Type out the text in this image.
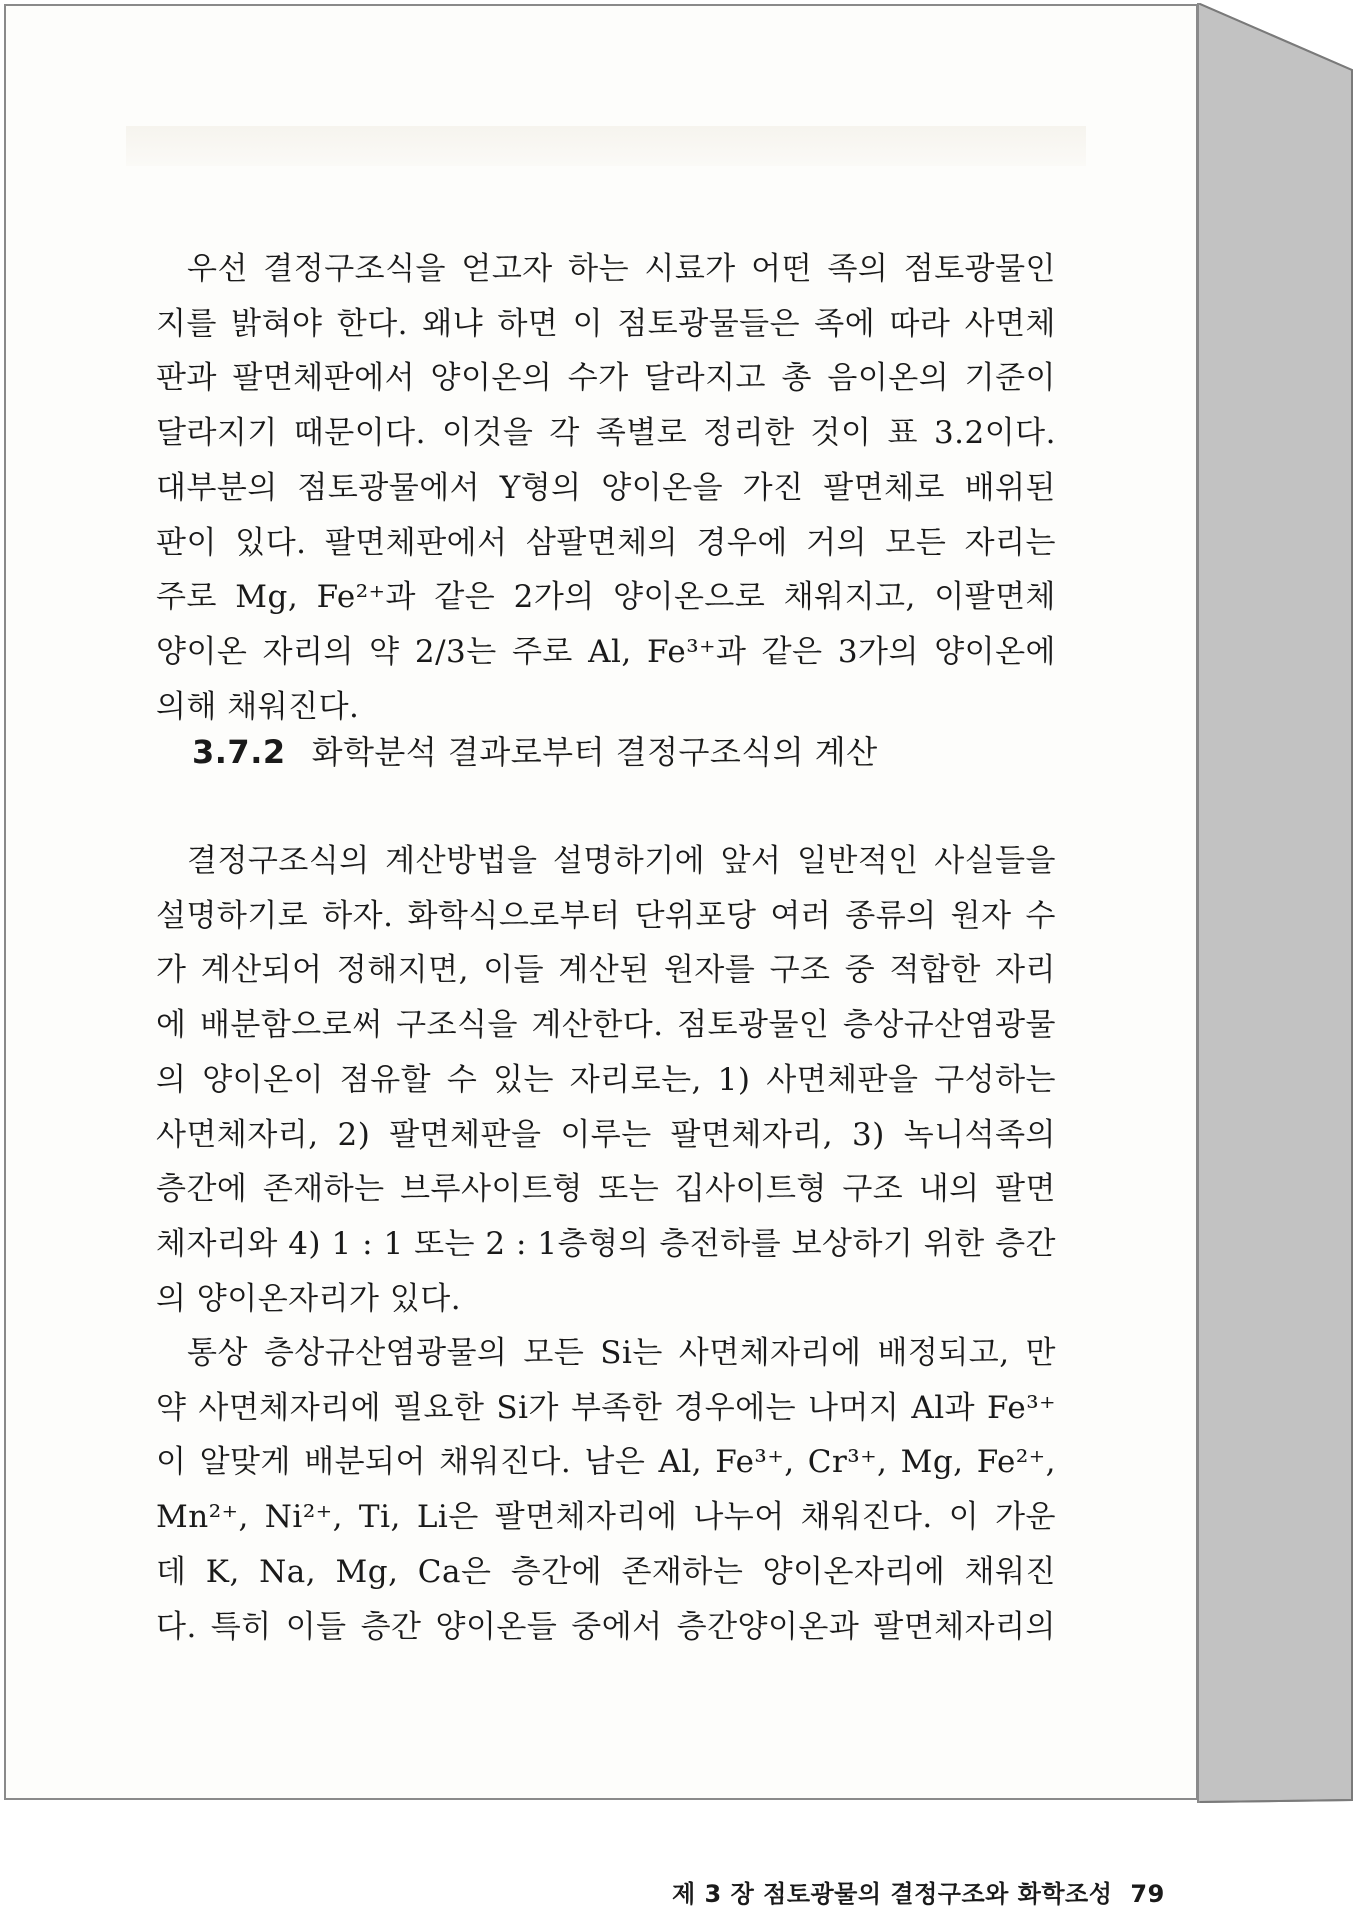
우선 결정구조식을 얻고자 하는 시료가 어떤 족의 점토광물인
지를 밝혀야 한다. 왜냐 하면 이 점토광물들은 족에 따라 사면체
판과 팔면체판에서 양이온의 수가 달라지고 총 음이온의 기준이
달라지기 때문이다. 이것을 각 족별로 정리한 것이 표 3.2이다.
대부분의 점토광물에서 Y형의 양이온을 가진 팔면체로 배위된
판이 있다. 팔면체판에서 삼팔면체의 경우에 거의 모든 자리는
주로 Mg, Fe²⁺과 같은 2가의 양이온으로 채워지고, 이팔면체
양이온 자리의 약 2/3는 주로 Al, Fe³⁺과 같은 3가의 양이온에
의해 채워진다.
3.7.2 화학분석 결과로부터 결정구조식의 계산
결정구조식의 계산방법을 설명하기에 앞서 일반적인 사실들을
설명하기로 하자. 화학식으로부터 단위포당 여러 종류의 원자 수
가 계산되어 정해지면, 이들 계산된 원자를 구조 중 적합한 자리
에 배분함으로써 구조식을 계산한다. 점토광물인 층상규산염광물
의 양이온이 점유할 수 있는 자리로는, 1) 사면체판을 구성하는
사면체자리, 2) 팔면체판을 이루는 팔면체자리, 3) 녹니석족의
층간에 존재하는 브루사이트형 또는 깁사이트형 구조 내의 팔면
체자리와 4) 1 : 1 또는 2 : 1층형의 층전하를 보상하기 위한 층간
의 양이온자리가 있다.
통상 층상규산염광물의 모든 Si는 사면체자리에 배정되고, 만
약 사면체자리에 필요한 Si가 부족한 경우에는 나머지 Al과 Fe³⁺
이 알맞게 배분되어 채워진다. 남은 Al, Fe³⁺, Cr³⁺, Mg, Fe²⁺,
Mn²⁺, Ni²⁺, Ti, Li은 팔면체자리에 나누어 채워진다. 이 가운
데 K, Na, Mg, Ca은 층간에 존재하는 양이온자리에 채워진
다. 특히 이들 층간 양이온들 중에서 층간양이온과 팔면체자리의
제 3 장 점토광물의 결정구조와 화학조성 79
